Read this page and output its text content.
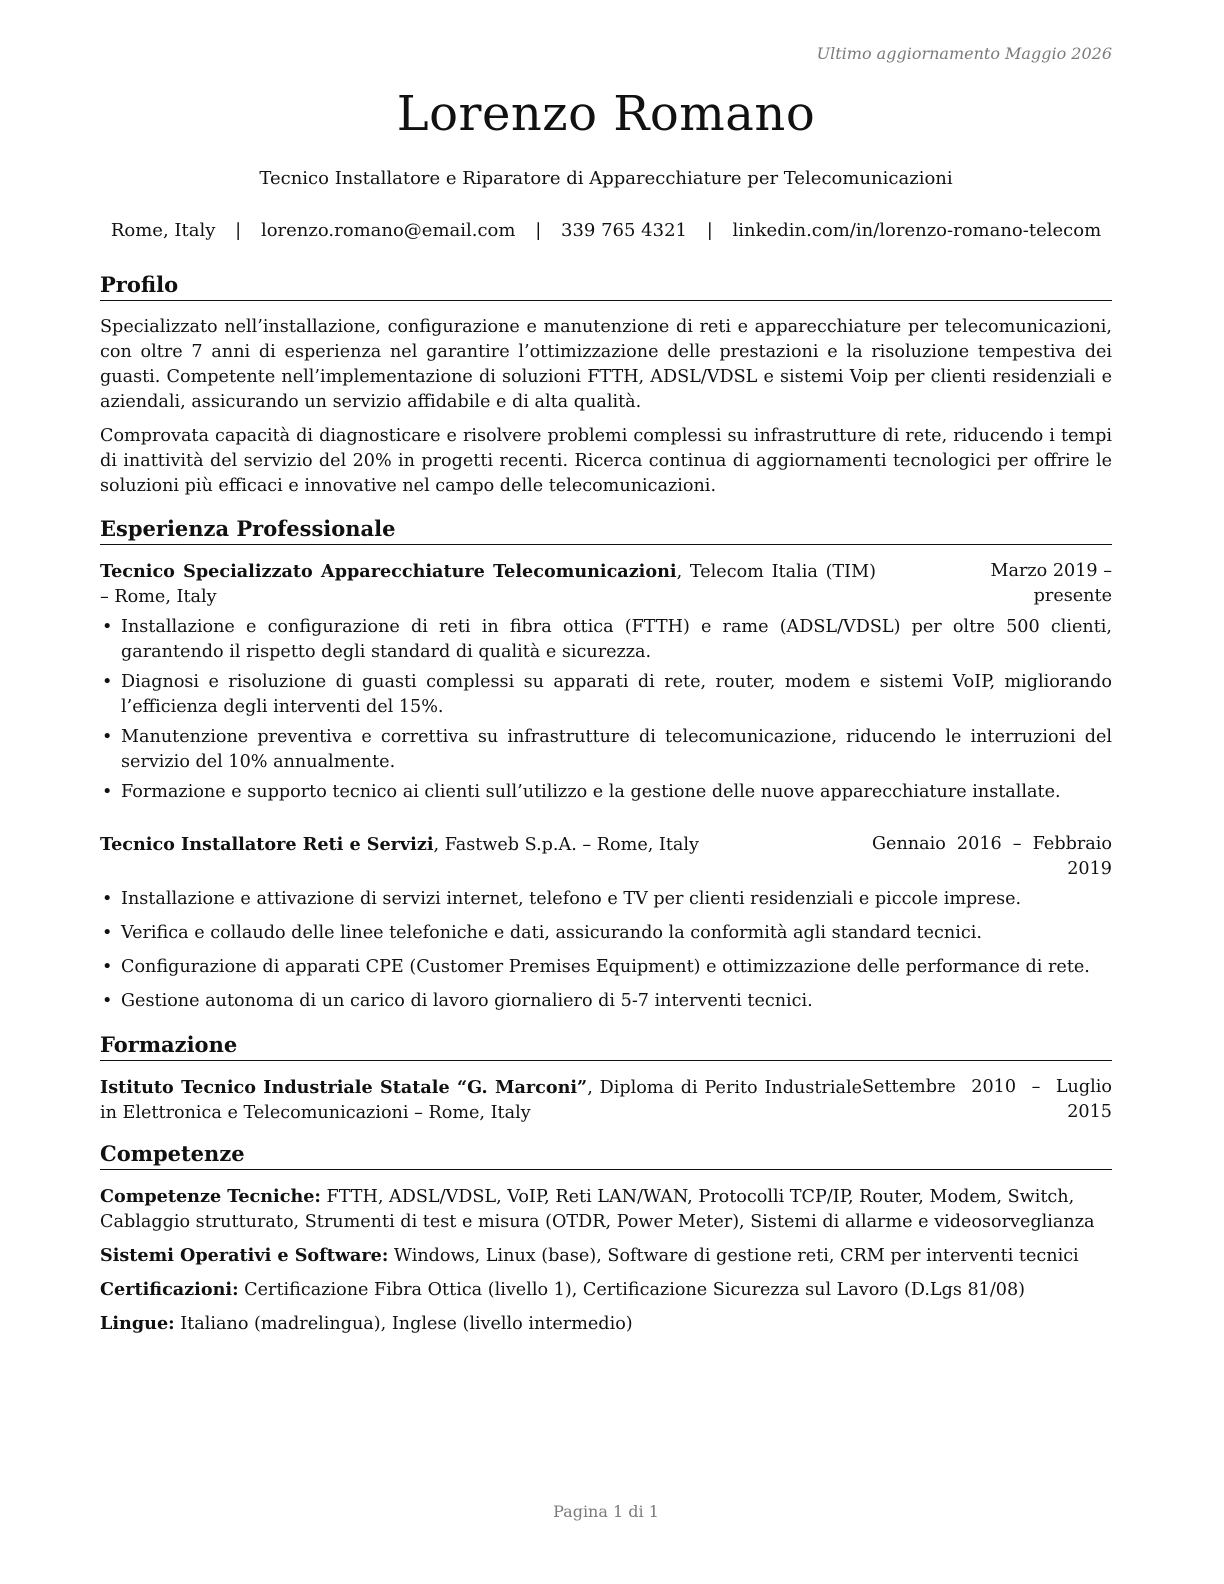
Ultimo aggiornamento Maggio 2026
Lorenzo Romano
Tecnico Installatore e Riparatore di Apparecchiature per Telecomunicazioni
Rome, Italy | lorenzo.romano@email.com | 339 765 4321 | linkedin.com/in/lorenzo-romano-telecom
Profilo

Specializzato nell’installazione, configurazione e manutenzione di reti e apparecchiature per telecomunicazioni, con oltre 7 anni di esperienza nel garantire l’ottimizzazione delle prestazioni e la risoluzione tempestiva dei guasti. Competente nell’implementazione di soluzioni FTTH, ADSL/VDSL e sistemi Voip per clienti residenziali e aziendali, assicurando un servizio affidabile e di alta qualità.

Comprovata capacità di diagnosticare e risolvere problemi complessi su infrastrutture di rete, riducendo i tempi di inattività del servizio del 20% in progetti recenti. Ricerca continua di aggiornamenti tecnologici per offrire le soluzioni più efficaci e innovative nel campo delle telecomunicazioni.

Esperienza Professionale
Tecnico Specializzato Apparecchiature Telecomunicazioni, Telecom Italia (TIM) – Rome, Italy
Marzo 2019 – presente
• Installazione e configurazione di reti in fibra ottica (FTTH) e rame (ADSL/VDSL) per oltre 500 clienti, garantendo il rispetto degli standard di qualità e sicurezza.
• Diagnosi e risoluzione di guasti complessi su apparati di rete, router, modem e sistemi VoIP, migliorando l’efficienza degli interventi del 15%.
• Manutenzione preventiva e correttiva su infrastrutture di telecomunicazione, riducendo le interruzioni del servizio del 10% annualmente.
• Formazione e supporto tecnico ai clienti sull’utilizzo e la gestione delle nuove apparecchiature installate.
Tecnico Installatore Reti e Servizi, Fastweb S.p.A. – Rome, Italy	Gennaio 2016 – Febbraio 2019
• Installazione e attivazione di servizi internet, telefono e TV per clienti residenziali e piccole imprese.
• Verifica e collaudo delle linee telefoniche e dati, assicurando la conformità agli standard tecnici.
• Configurazione di apparati CPE (Customer Premises Equipment) e ottimizzazione delle performance di rete.
• Gestione autonoma di un carico di lavoro giornaliero di 5-7 interventi tecnici.
Formazione
Istituto Tecnico Industriale Statale “G. Marconi”, Diploma di Perito Industriale in Elettronica e Telecomunicazioni – Rome, Italy
Settembre 2010 – Luglio 2015
Competenze

Competenze Tecniche: FTTH, ADSL/VDSL, VoIP, Reti LAN/WAN, Protocolli TCP/IP, Router, Modem, Switch, Cablaggio strutturato, Strumenti di test e misura (OTDR, Power Meter), Sistemi di allarme e videosorveglianza

Sistemi Operativi e Software: Windows, Linux (base), Software di gestione reti, CRM per interventi tecnici

Certificazioni: Certificazione Fibra Ottica (livello 1), Certificazione Sicurezza sul Lavoro (D.Lgs 81/08)

Lingue: Italiano (madrelingua), Inglese (livello intermedio)

Pagina 1 di 1
